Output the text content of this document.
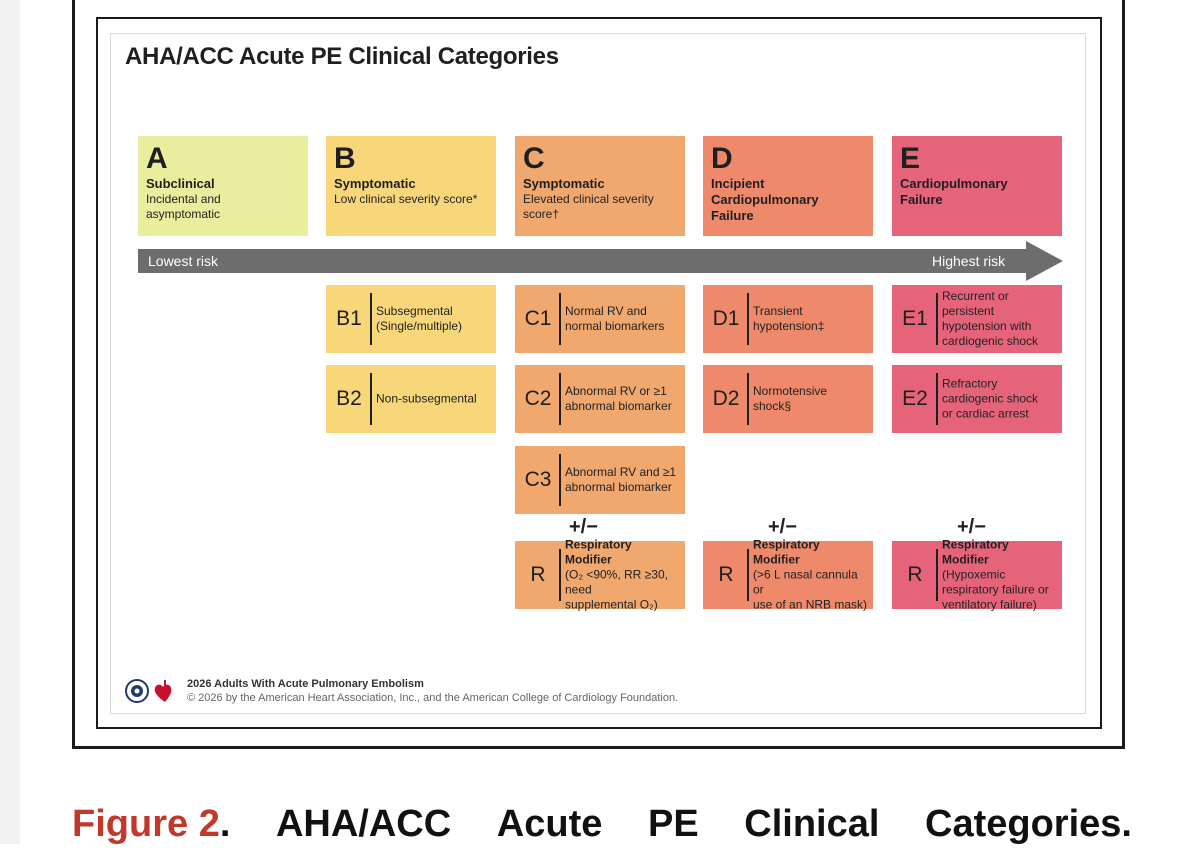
AHA/ACC Acute PE Clinical Categories
A
Subclinical
Incidental and
asymptomatic
B
Symptomatic
Low clinical severity score*
C
Symptomatic
Elevated clinical severity
score†
D
Incipient
Cardiopulmonary
Failure
E
Cardiopulmonary
Failure
Lowest risk	Highest risk
B1	Subsegmental
(Single/multiple)
B2	Non-subsegmental
C1	Normal RV and
normal biomarkers
C2	Abnormal RV or ≥1
abnormal biomarker
C3	Abnormal RV and ≥1
abnormal biomarker
D1	Transient
hypotension‡
D2	Normotensive
shock§
E1
Recurrent or
persistent
hypotension with
cardiogenic shock
E2
Refractory
cardiogenic shock
or cardiac arrest
+/−	+/−	+/−
R
Respiratory Modifier
(O₂ <90%, RR ≥30, need
supplemental O₂)
R
Respiratory Modifier
(>6 L nasal cannula or
use of an NRB mask)
R
Respiratory Modifier
(Hypoxemic
respiratory failure or
ventilatory failure)
2026 Adults With Acute Pulmonary Embolism
© 2026 by the American Heart Association, Inc., and the American College of Cardiology Foundation.
Figure 2. AHA/ACC Acute PE Clinical Categories.
